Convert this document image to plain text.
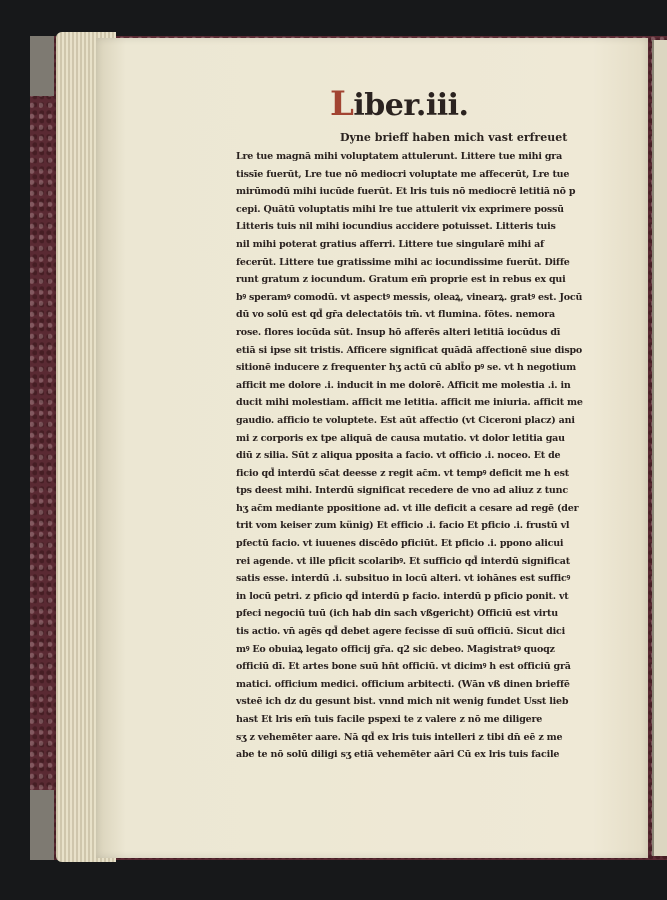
Liber.iii.

Dyne brieff haben mich vast erfreuet

Lre tue magnā mihi voluptatem attulerunt. Littere tue mihi gra
tissīe fuerūt, Lre tue nō mediocri voluptate me affecerūt, Lre tue
mirūmodū mihi iucūde fuerūt. Et lris tuis nō mediocrē letitiā nō p
cepi. Quātū voluptatis mihi lre tue attulerit vix exprimere possū
Litteris tuis nil mihi iocundius accidere potuisset. Litteris tuis
nil mihi poterat gratius afferri. Littere tue singularē mihi af
fecerūt. Littere tue gratissime mihi ac iocundissime fuerūt. Diffe
runt gratum z iocundum. Gratum em̄ proprie est in rebus ex qui
bꝰ speramꝰ comodū. vt aspectꝰ messis, oleaꝝ, vinearꝝ. gratꝰ est. Jocū
dū vo solū est qd̄ gr̄a delectatōis tm̄. vt flumina. fōtes. nemora
rose. flores iocūda sūt. Insup hō afferēs alteri letitiā iocūdus dī
etiā si ipse sit tristis. Afficere significat quādā affectionē siue dispo
sitionē inducere z frequenter hʒ actū cū ablt̄o pꝰ se. vt h negotium
afficit me dolore .i. inducit in me dolorē. Afficit me molestia .i. in
ducit mihi molestiam. afficit me letitia. afficit me iniuria. afficit me
gaudio. afficio te voluptete. Est aūt affectio (vt Ciceroni placz) ani
mi z corporis ex tpe aliquā de causa mutatio. vt dolor letitia gau
diū z silia. Sūt z aliqua pposita a facio. vt officio .i. noceo. Et de
ficio qd̄ interdū sc̄at deesse z regit ac̄m. vt tempꝰ deficit me h est
tps deest mihi. Interdū significat recedere de vno ad aliuz z tunc
hʒ ac̄m mediante ppositione ad. vt ille deficit a cesare ad regē (der
trit vom keiser zum künig) Et efficio .i. facio Et pficio .i. frustū vl
pfectū facio. vt iuuenes discēdo pficiūt. Et pficio .i. ppono alicui
rei agende. vt ille pficit scolaribꝰ. Et sufficio qd̄ interdū significat
satis esse. interdū .i. subsituo in locū alteri. vt iohānes est sufficꝰ
in locū petri. z pficio qd̄ interdū p facio. interdū p pficio ponit. vt
pfeci negociū tuū (ich hab din sach vßgericht) Officiū est virtu
tis actio. vn̄ agēs qd̄ debet agere fecisse dī suū officiū. Sicut dici
mꝰ Eo obuiaꝝ legato officij gr̄a. q2 sic debeo. Magistratꝰ quoqz
officiū dī. Et artes bone suū hn̄t officiū. vt dicimꝰ h est officiū grā
matici. officium medici. officium arbitecti. (Wān vß dinen brieffē
vsteē ich dz du gesunt bist. vnnd mich nit wenig fundet Usst lieb
hast Et lris em̄ tuis facile pspexi te z valere z nō me diligere
sʒ z vehemēter aare. Nā qd̄ ex lris tuis intelleri z tibi dn̄ eē z me
abe te nō solū diligi sʒ etiā vehemēter aāri Cū ex lris tuis facile
